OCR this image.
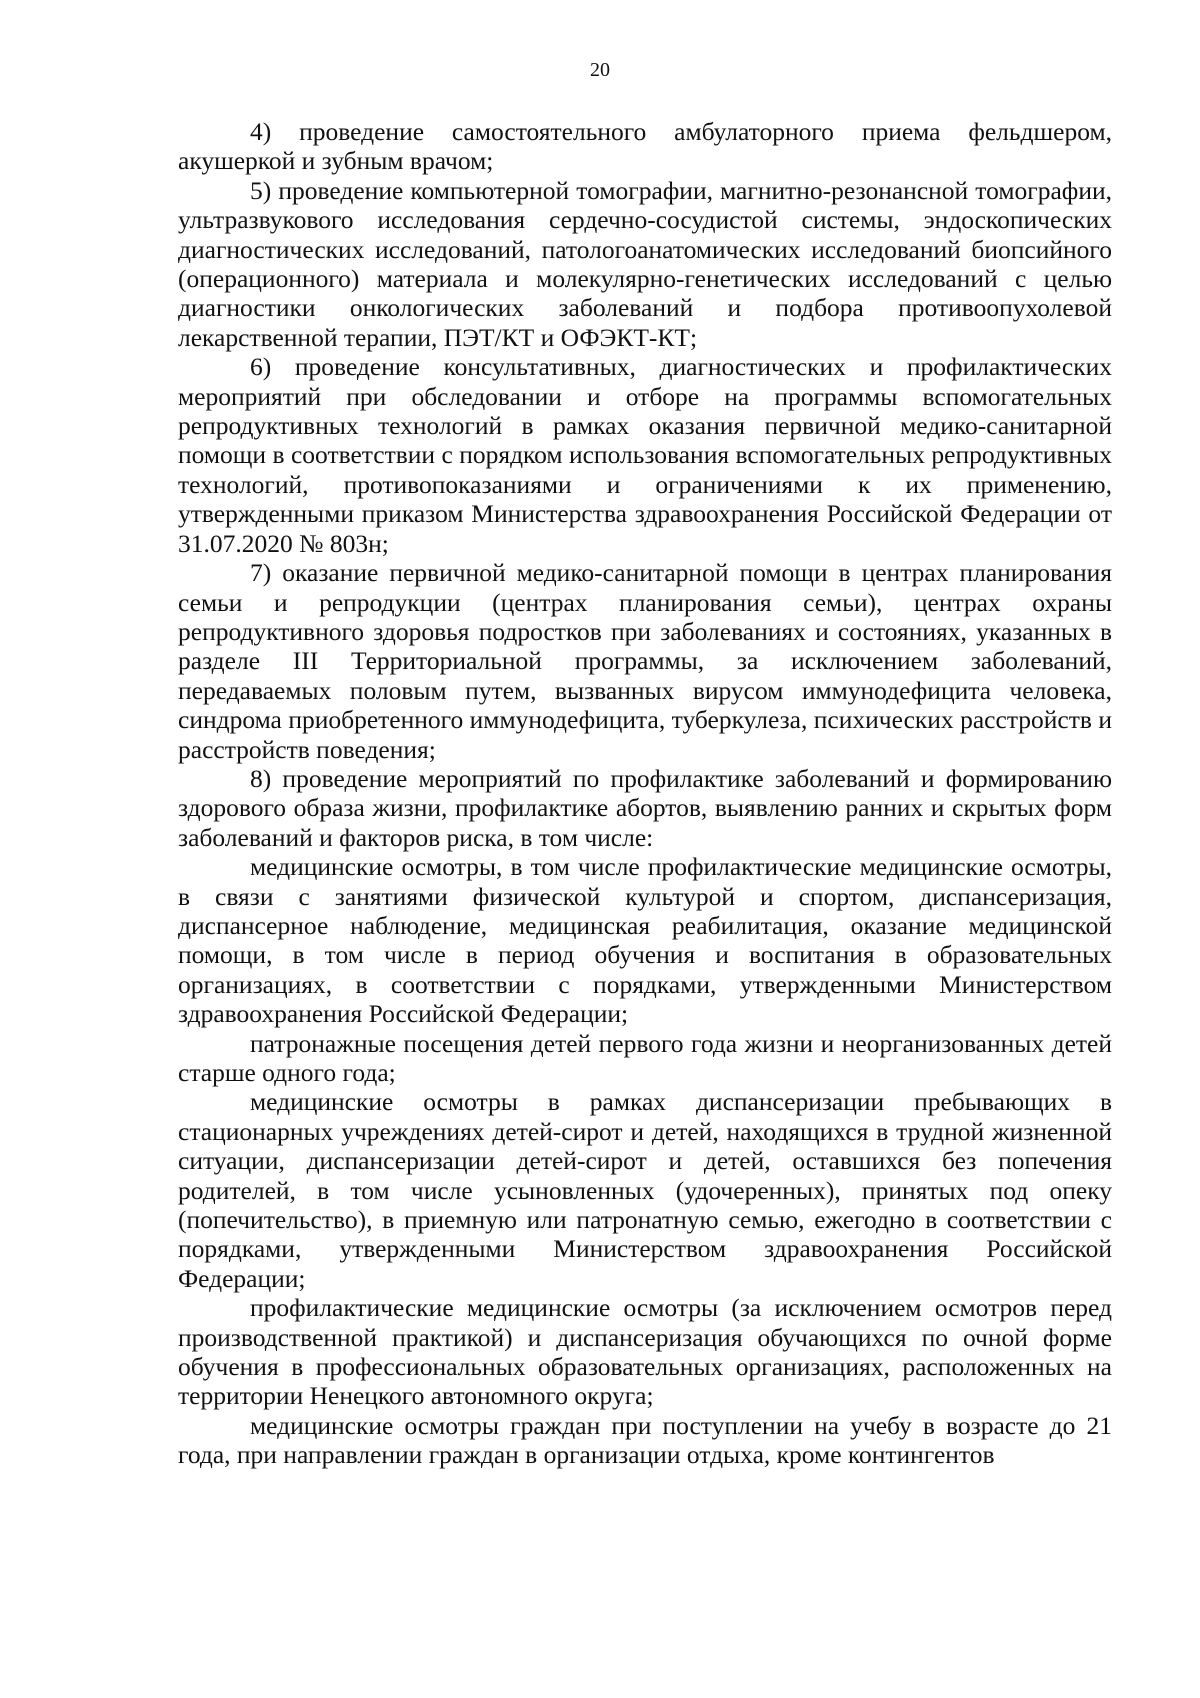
20

4) проведение самостоятельного амбулаторного приема фельдшером, акушеркой и зубным врачом;

5) проведение компьютерной томографии, магнитно-резонансной томографии, ультразвукового исследования сердечно-сосудистой системы, эндоскопических диагностических исследований, патологоанатомических исследований биопсийного (операционного) материала и молекулярно-генетических исследований с целью диагностики онкологических заболеваний и подбора противоопухолевой лекарственной терапии, ПЭТ/КТ и ОФЭКТ-КТ;

6) проведение консультативных, диагностических и профилактических мероприятий при обследовании и отборе на программы вспомогательных репродуктивных технологий в рамках оказания первичной медико-санитарной помощи в соответствии с порядком использования вспомогательных репродуктивных технологий, противопоказаниями и ограничениями к их применению, утвержденными приказом Министерства здравоохранения Российской Федерации от 31.07.2020 № 803н;

7) оказание первичной медико-санитарной помощи в центрах планирования семьи и репродукции (центрах планирования семьи), центрах охраны репродуктивного здоровья подростков при заболеваниях и состояниях, указанных в разделе III Территориальной программы, за исключением заболеваний, передаваемых половым путем, вызванных вирусом иммунодефицита человека, синдрома приобретенного иммунодефицита, туберкулеза, психических расстройств и расстройств поведения;

8) проведение мероприятий по профилактике заболеваний и формированию здорового образа жизни, профилактике абортов, выявлению ранних и скрытых форм заболеваний и факторов риска, в том числе:

медицинские осмотры, в том числе профилактические медицинские осмотры, в связи с занятиями физической культурой и спортом, диспансеризация, диспансерное наблюдение, медицинская реабилитация, оказание медицинской помощи, в том числе в период обучения и воспитания в образовательных организациях, в соответствии с порядками, утвержденными Министерством здравоохранения Российской Федерации;

патронажные посещения детей первого года жизни и неорганизованных детей старше одного года;

медицинские осмотры в рамках диспансеризации пребывающих в стационарных учреждениях детей-сирот и детей, находящихся в трудной жизненной ситуации, диспансеризации детей-сирот и детей, оставшихся без попечения родителей, в том числе усыновленных (удочеренных), принятых под опеку (попечительство), в приемную или патронатную семью, ежегодно в соответствии с порядками, утвержденными Министерством здравоохранения Российской Федерации;

профилактические медицинские осмотры (за исключением осмотров перед производственной практикой) и диспансеризация обучающихся по очной форме обучения в профессиональных образовательных организациях, расположенных на территории Ненецкого автономного округа;

медицинские осмотры граждан при поступлении на учебу в возрасте до 21 года, при направлении граждан в организации отдыха, кроме контингентов
